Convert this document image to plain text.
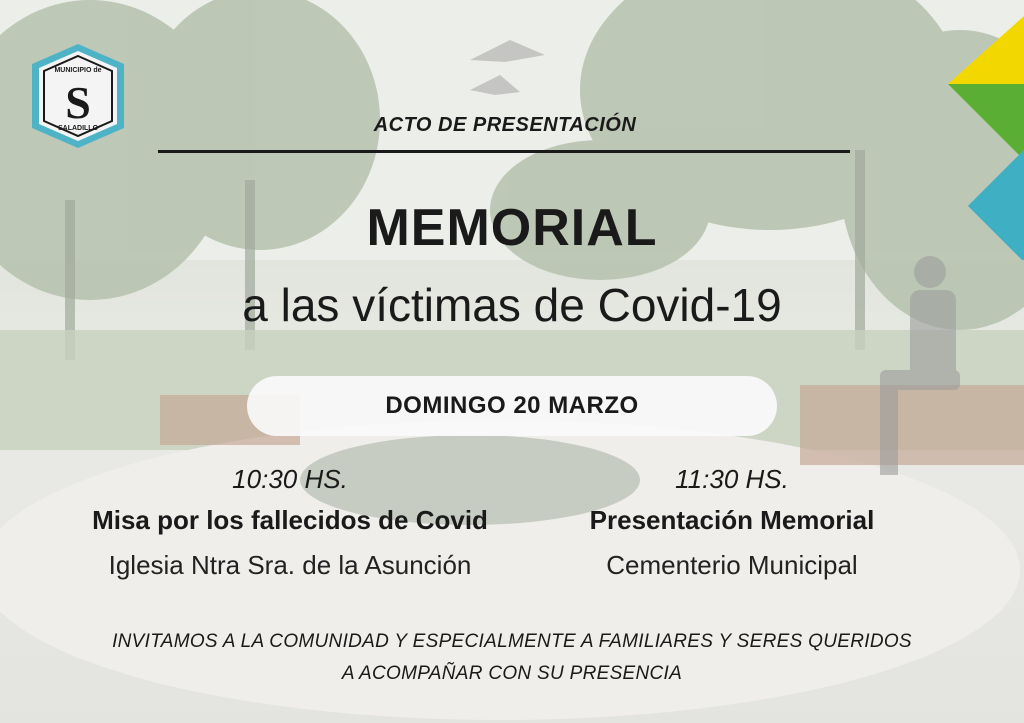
MUNICIPIO de
S
SALADILLO	ACTO DE PRESENTACIÓN
MEMORIAL
a las víctimas de Covid-19
DOMINGO 20 MARZO
10:30 HS.
Misa por los fallecidos de Covid
Iglesia Ntra Sra. de la Asunción
11:30 HS.
Presentación Memorial
Cementerio Municipal
INVITAMOS A LA COMUNIDAD Y ESPECIALMENTE A FAMILIARES Y SERES QUERIDOS
A ACOMPAÑAR CON SU PRESENCIA
